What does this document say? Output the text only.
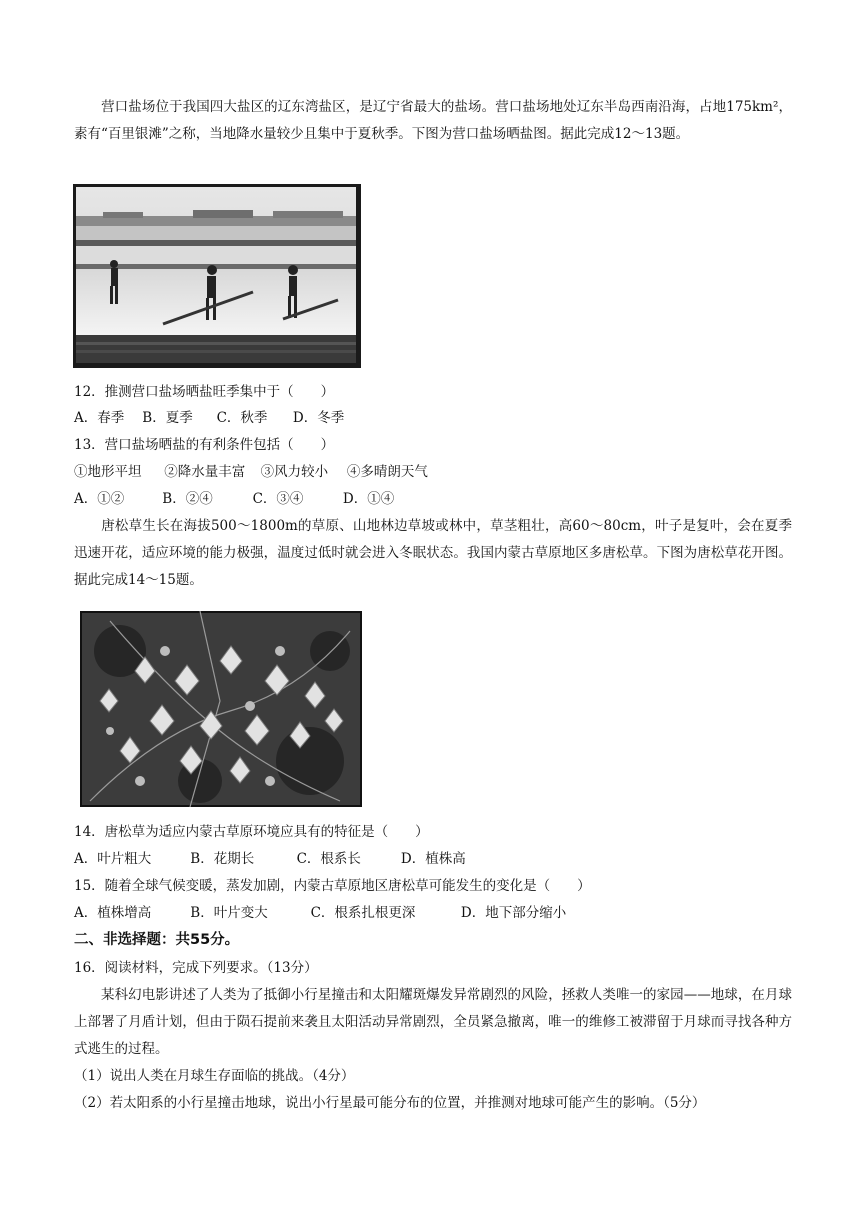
营口盐场位于我国四大盐区的辽东湾盐区，是辽宁省最大的盐场。营口盐场地处辽东半岛西南沿海，占地175km²，素有“百里银滩”之称，当地降水量较少且集中于夏秋季。下图为营口盐场晒盐图。据此完成12～13题。
12．推测营口盐场晒盐旺季集中于（　　）
A．春季 B．夏季 C．秋季 D．冬季
13．营口盐场晒盐的有利条件包括（　　）
①地形平坦 ②降水量丰富 ③风力较小 ④多晴朗天气
A．①②	B．②④	C．③④	D．①④
唐松草生长在海拔500～1800m的草原、山地林边草坡或林中，草茎粗壮，高60～80cm，叶子是复叶，会在夏季迅速开花，适应环境的能力极强，温度过低时就会进入冬眠状态。我国内蒙古草原地区多唐松草。下图为唐松草花开图。据此完成14～15题。
14．唐松草为适应内蒙古草原环境应具有的特征是（　　）
A．叶片粗大	B．花期长	C．根系长	D．植株高
15．随着全球气候变暖，蒸发加剧，内蒙古草原地区唐松草可能发生的变化是（　　）
A．植株增高	B．叶片变大	C．根系扎根更深	D．地下部分缩小
二、非选择题：共55分。
16．阅读材料，完成下列要求。（13分）
某科幻电影讲述了人类为了抵御小行星撞击和太阳耀斑爆发异常剧烈的风险，拯救人类唯一的家园——地球，在月球上部署了月盾计划，但由于陨石提前来袭且太阳活动异常剧烈，全员紧急撤离，唯一的维修工被滞留于月球而寻找各种方式逃生的过程。
（1）说出人类在月球生存面临的挑战。（4分）
（2）若太阳系的小行星撞击地球，说出小行星最可能分布的位置，并推测对地球可能产生的影响。（5分）
